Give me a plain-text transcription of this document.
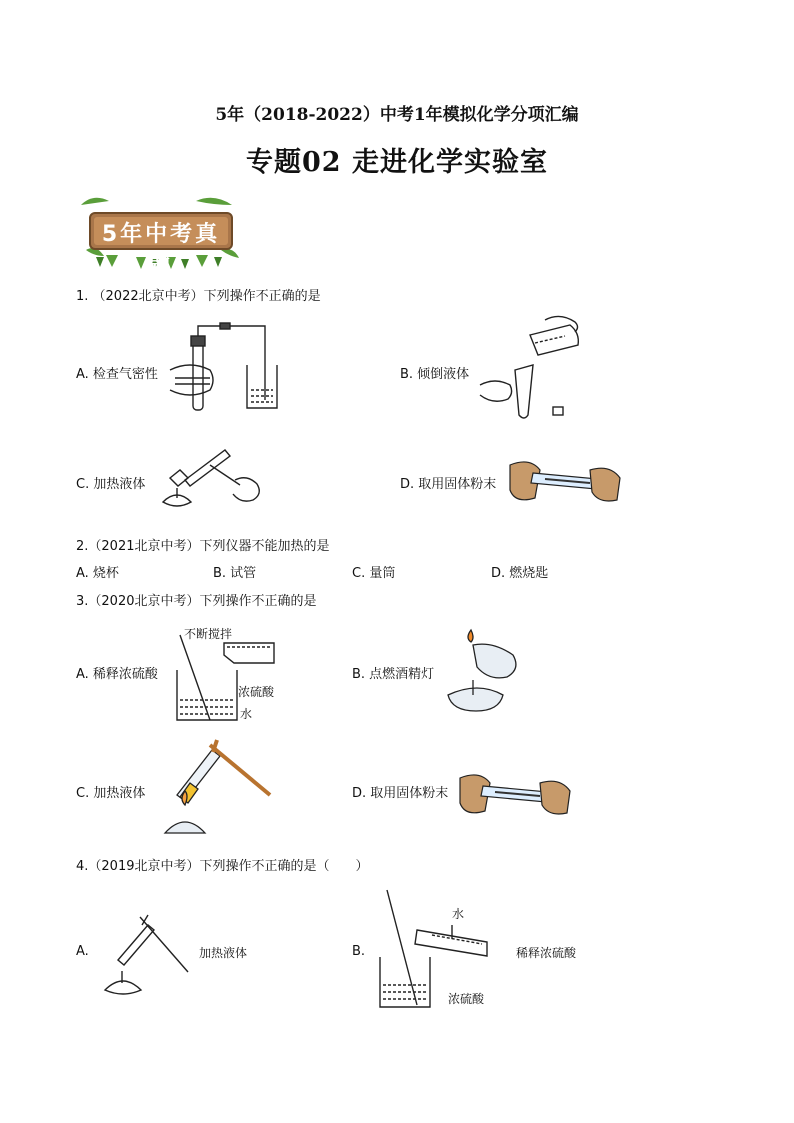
5年（2018-2022）中考1年模拟化学分项汇编
专题02 走进化学实验室
5年中考真题
1. （2022北京中考）下列操作不正确的是
A. 检查气密性	B. 倾倒液体
C. 加热液体	D. 取用固体粉末
2.（2021北京中考）下列仪器不能加热的是
A. 烧杯	B. 试管	C. 量筒	D. 燃烧匙
3.（2020北京中考）下列操作不正确的是
A. 稀释浓硫酸	B. 点燃酒精灯
C. 加热液体	D. 取用固体粉末
不断搅拌
浓硫酸
水
4.（2019北京中考）下列操作不正确的是（　　）
A.	B.
加热液体
水
稀释浓硫酸
浓硫酸
